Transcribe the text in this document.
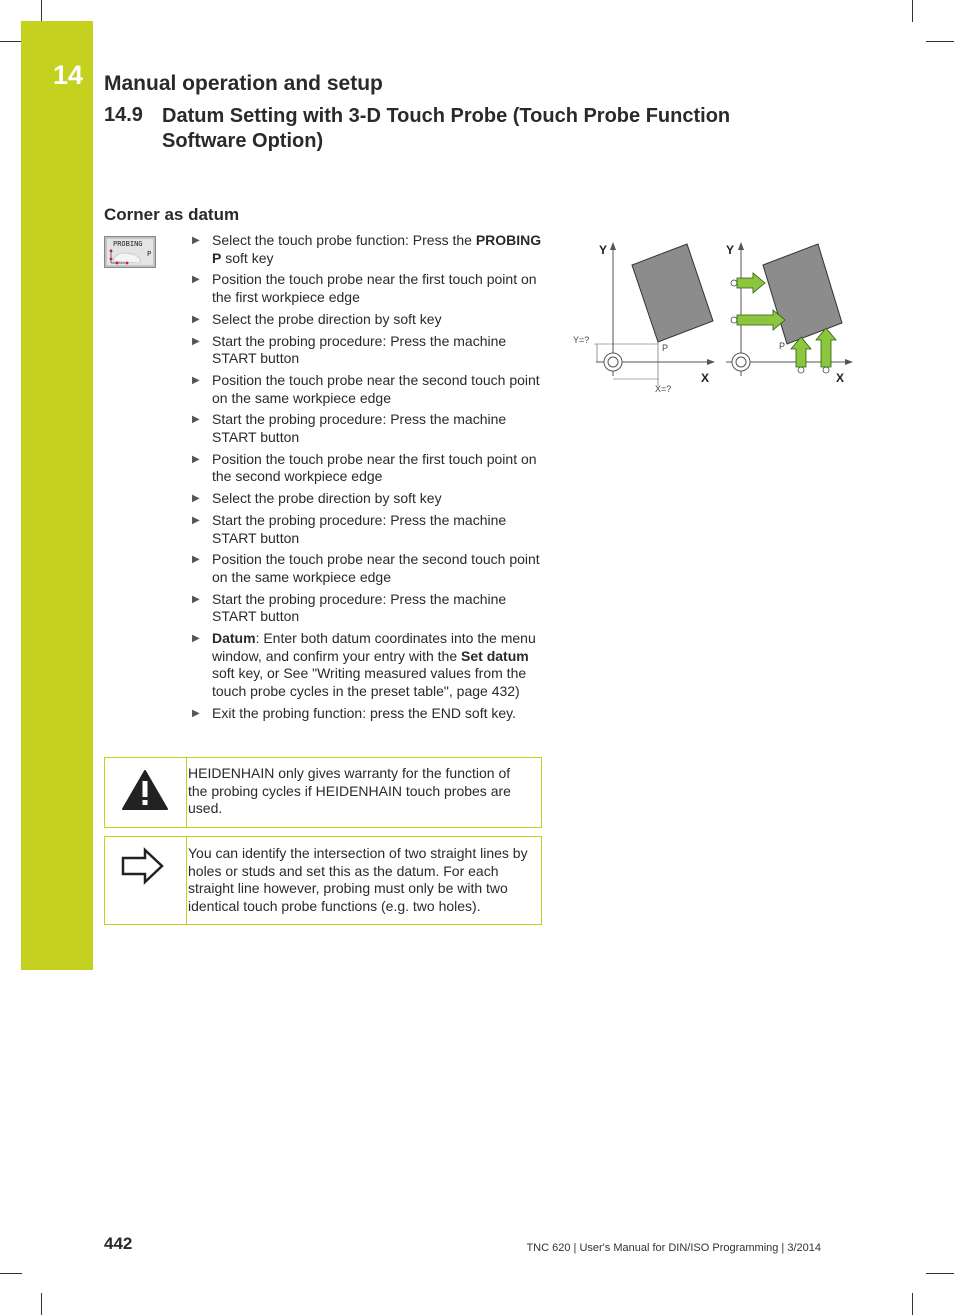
14 Manual operation and setup
14.9 Datum Setting with 3-D Touch Probe (Touch Probe Function Software Option)
Corner as datum
PROBING
P
▶ Select the touch probe function: Press the PROBING P soft key
▶ Position the touch probe near the first touch point on the first workpiece edge
▶ Select the probe direction by soft key
▶ Start the probing procedure: Press the machine START button
▶ Position the touch probe near the second touch point on the same workpiece edge
▶ Start the probing procedure: Press the machine START button
▶ Position the touch probe near the first touch point on the second workpiece edge
▶ Select the probe direction by soft key
▶ Start the probing procedure: Press the machine START button
▶ Position the touch probe near the second touch point on the same workpiece edge
▶ Start the probing procedure: Press the machine START button
▶ Datum: Enter both datum coordinates into the menu window, and confirm your entry with the Set datum soft key, or See "Writing measured values from the touch probe cycles in the preset table", page 432)
▶ Exit the probing function: press the END soft key.
HEIDENHAIN only gives warranty for the function of the probing cycles if HEIDENHAIN touch probes are used.
You can identify the intersection of two straight lines by holes or studs and set this as the datum. For each straight line however, probing must only be with two identical touch probe functions (e.g. two holes).
Y
X
Y=?
X=?
P
Y
X
P
442	TNC 620 | User's Manual for DIN/ISO Programming | 3/2014
